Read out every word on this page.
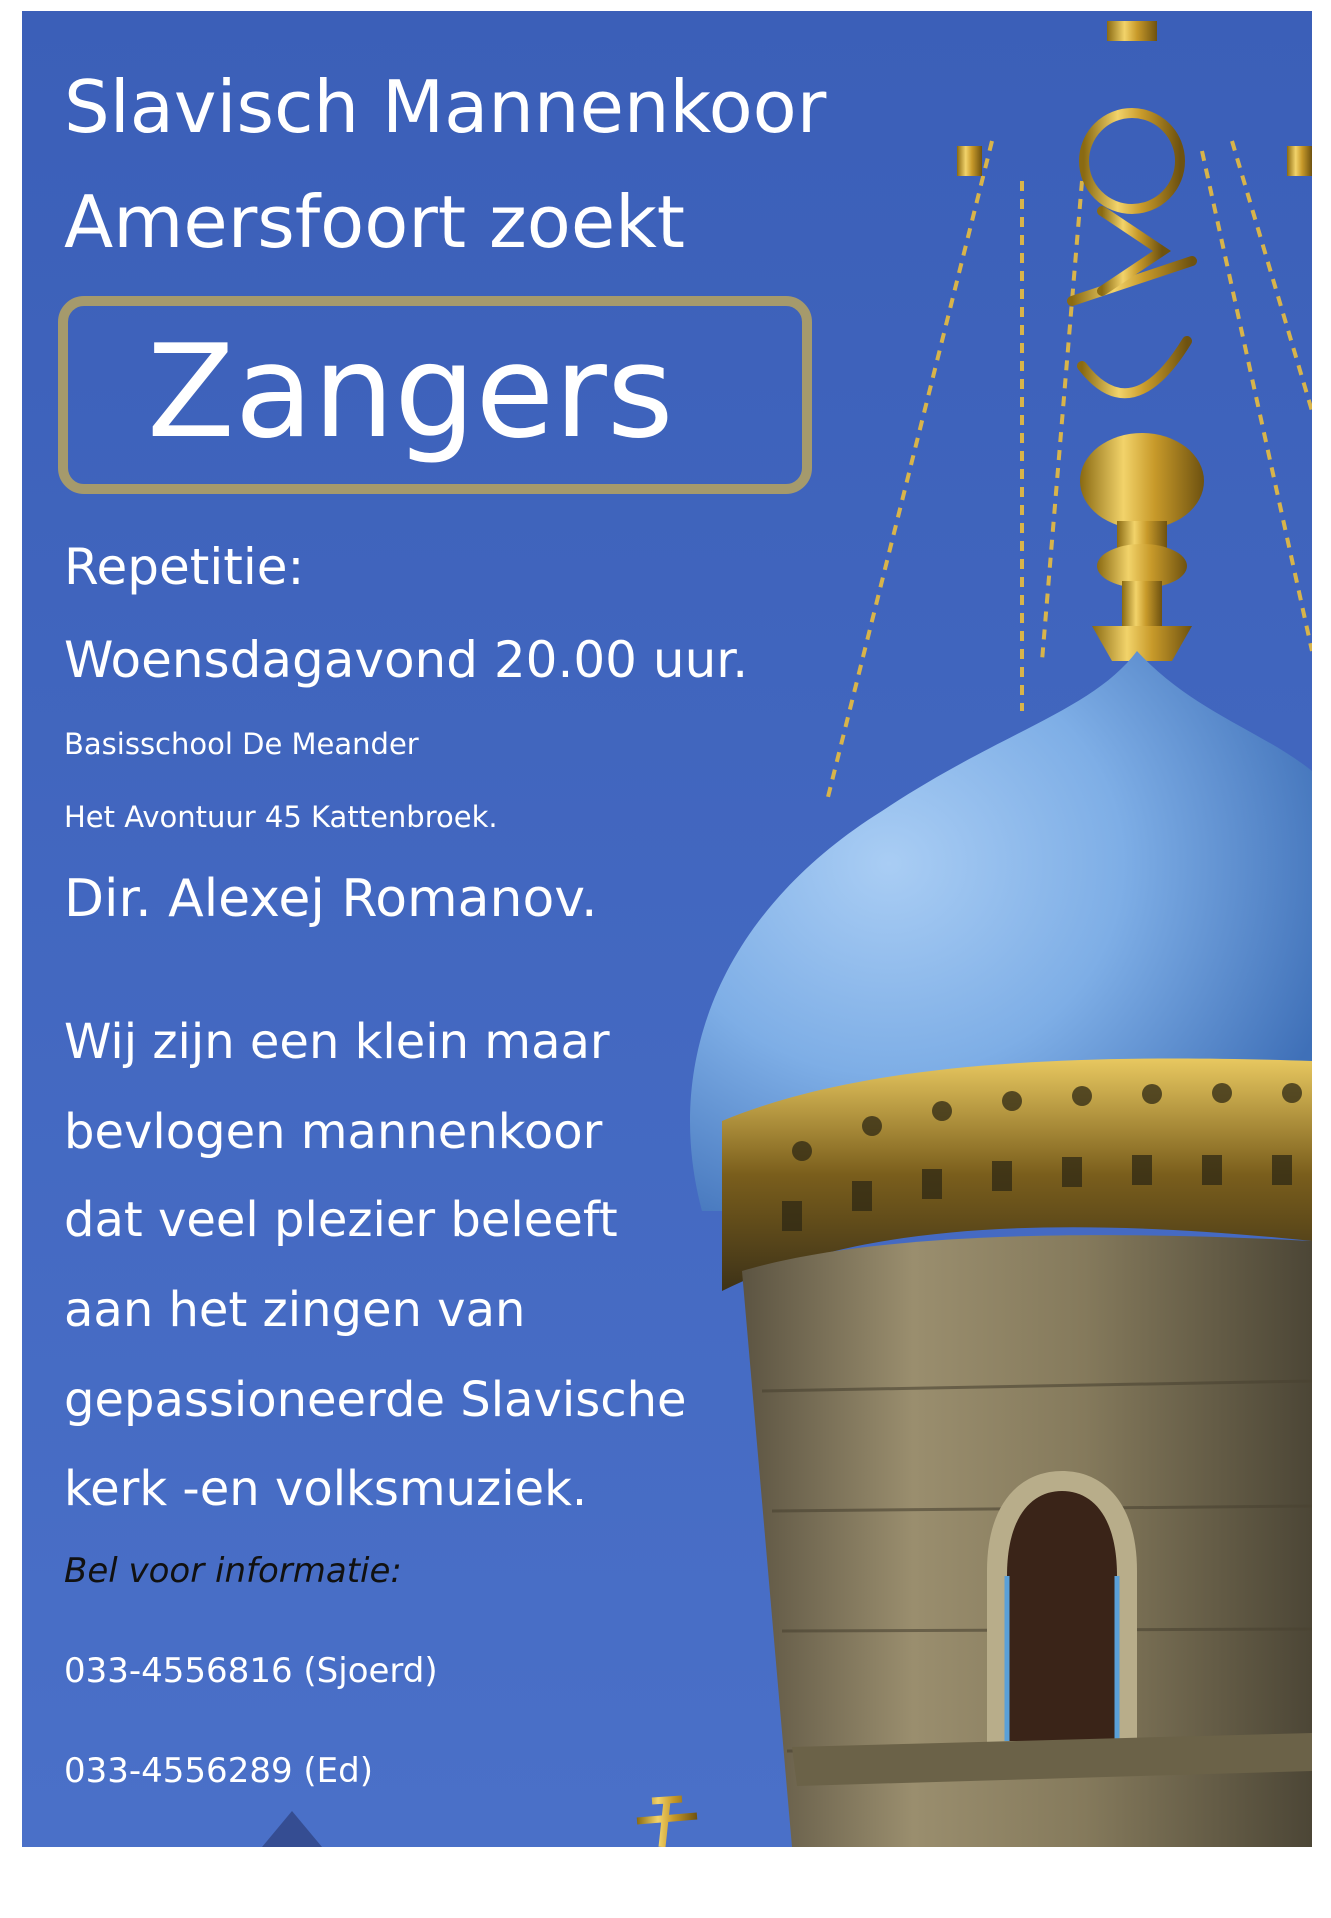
Slavisch Mannenkoor
Amersfoort zoekt
Zangers
Repetitie:
Woensdagavond 20.00 uur.
Basisschool De Meander
Het Avontuur 45 Kattenbroek.
Dir. Alexej Romanov.
Wij zijn een klein maar
bevlogen mannenkoor
dat veel plezier beleeft
aan het zingen van
gepassioneerde Slavische
kerk -en volksmuziek.
Bel voor informatie:
033-4556816 (Sjoerd)
033-4556289 (Ed)
